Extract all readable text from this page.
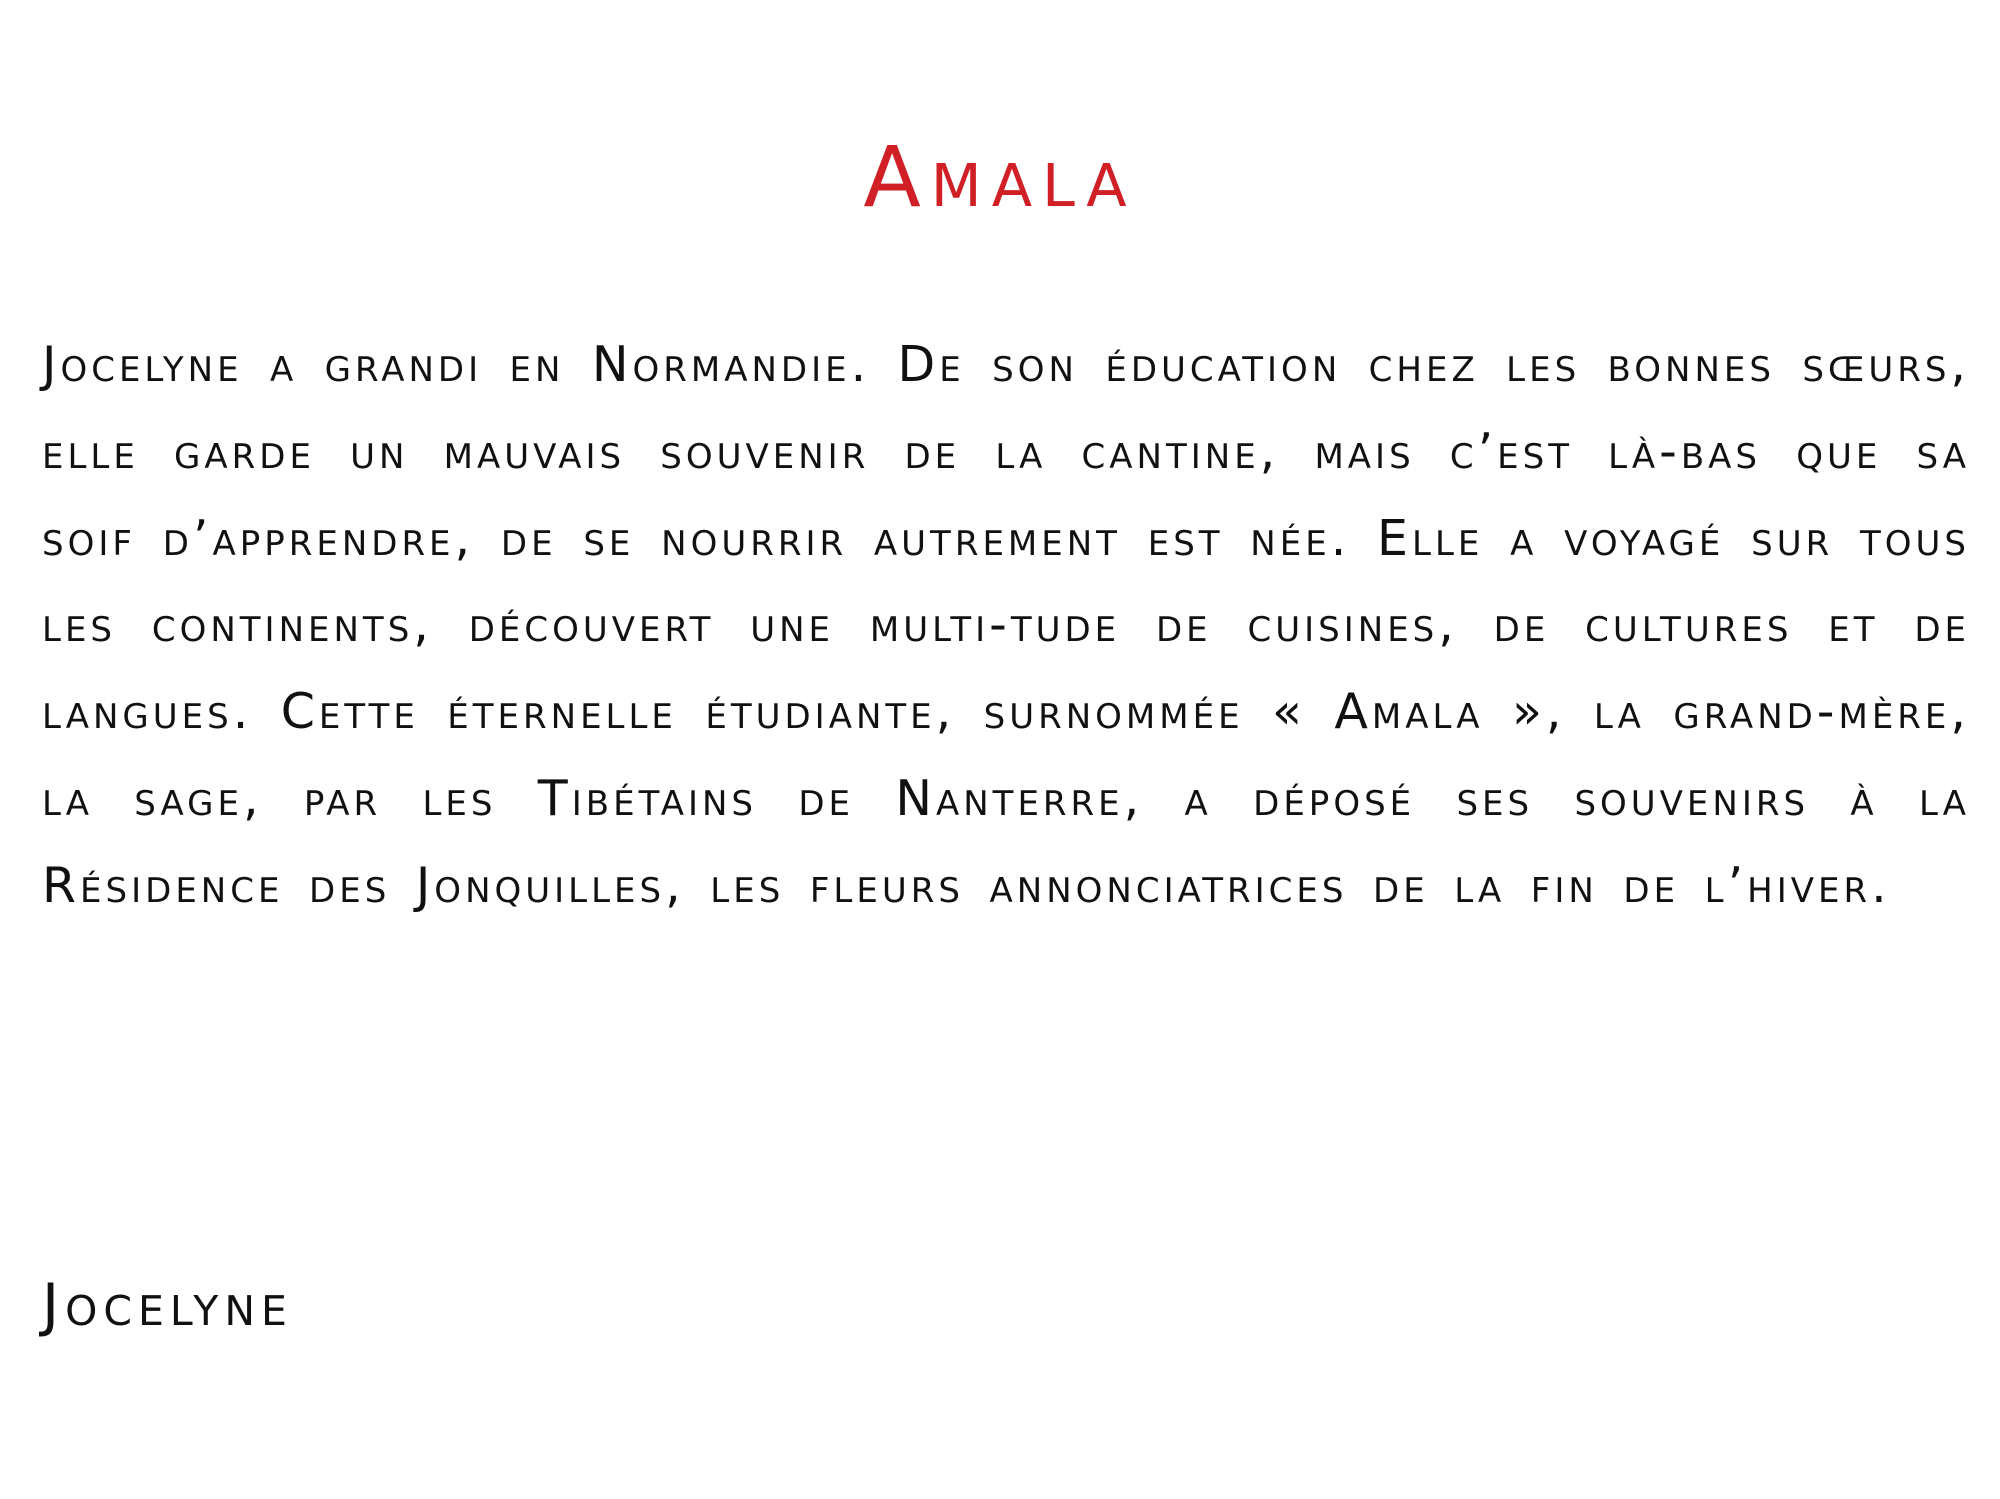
Amala

Jocelyne a grandi en Normandie. De son éducation chez les bonnes sœurs, elle garde un mauvais souvenir de la cantine, mais c’est là-bas que sa soif d’apprendre, de se nourrir autrement est née. Elle a voyagé sur tous les continents, découvert une multi-tude de cuisines, de cultures et de langues. Cette éternelle étudiante, surnommée « Amala », la grand-mère, la sage, par les Tibétains de Nanterre, a déposé ses souvenirs à la Résidence des Jonquilles, les fleurs annonciatrices de la fin de l’hiver.

Jocelyne
